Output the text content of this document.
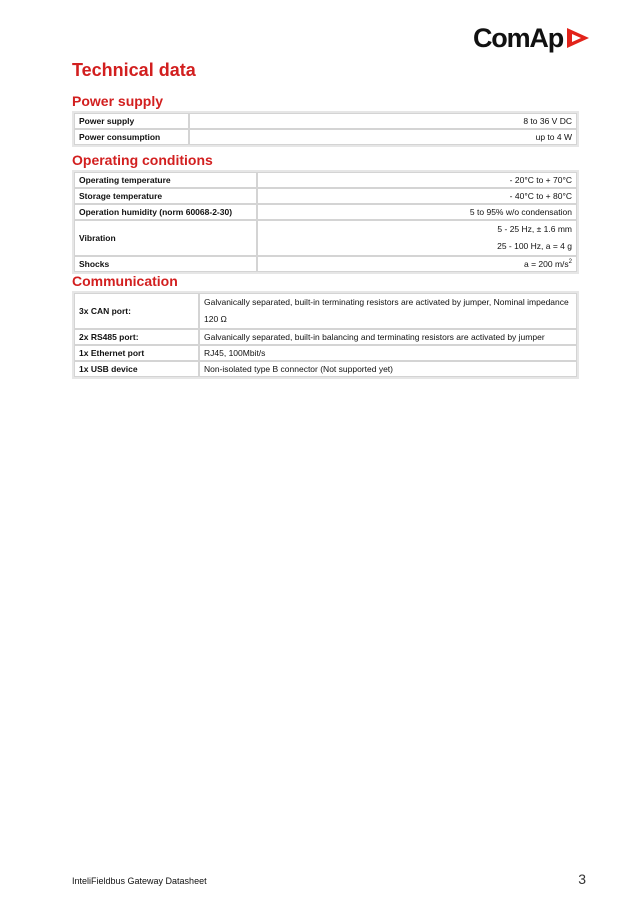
ComAp
Technical data
Power supply
Power supply	8 to 36 V DC
Power consumption	up to 4 W
Operating conditions
Operating temperature	- 20°C to + 70°C
Storage temperature	- 40°C to + 80°C
Operation humidity (norm 60068-2-30)	5 to 95% w/o condensation
Vibration	5 - 25 Hz, ± 1.6 mm
25 - 100 Hz, a = 4 g

Shocks	a = 200 $m/s^2$
Communication
3x CAN port:	Galvanically separated, built-in terminating resistors are activated by jumper, Nominal impedance
120 Ω

2x RS485 port:	Galvanically separated, built-in balancing and terminating resistors are activated by jumper
1x Ethernet port	RJ45, 100Mbit/s
1x USB device	Non-isolated type B connector (Not supported yet)
InteliFieldbus Gateway Datasheet	3
